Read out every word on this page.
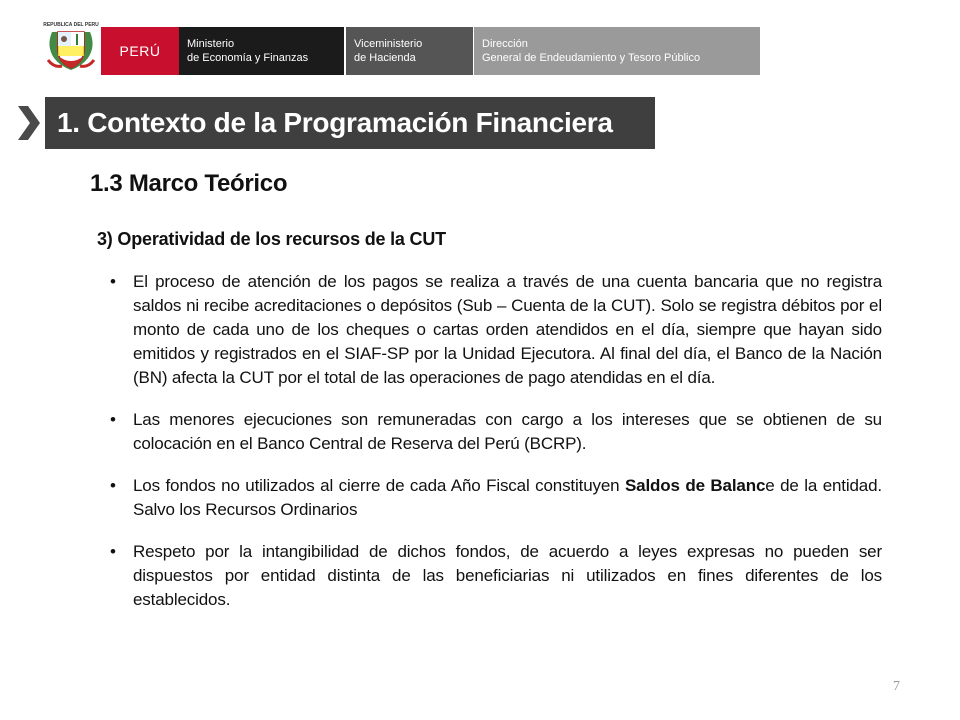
REPUBLICA DEL PERU
PERÚ Ministerio
de Economía y Finanzas
Viceministerio
de Hacienda
Dirección
General de Endeudamiento y Tesoro Público
1. Contexto de la Programación Financiera
1.3 Marco Teórico
3) Operatividad de los recursos de la CUT
• El proceso de atención de los pagos se realiza a través de una cuenta bancaria que no registra saldos ni recibe acreditaciones o depósitos (Sub – Cuenta de la CUT). Solo se registra débitos por el monto de cada uno de los cheques o cartas orden atendidos en el día, siempre que hayan sido emitidos y registrados en el SIAF-SP por la Unidad Ejecutora. Al final del día, el Banco de la Nación (BN) afecta la CUT por el total de las operaciones de pago atendidas en el día.
• Las menores ejecuciones son remuneradas con cargo a los intereses que se obtienen de su colocación en el Banco Central de Reserva del Perú (BCRP).
• Los fondos no utilizados al cierre de cada Año Fiscal constituyen Saldos de Balance de la entidad. Salvo los Recursos Ordinarios
• Respeto por la intangibilidad de dichos fondos, de acuerdo a leyes expresas no pueden ser dispuestos por entidad distinta de las beneficiarias ni utilizados en fines diferentes de los establecidos.
7
